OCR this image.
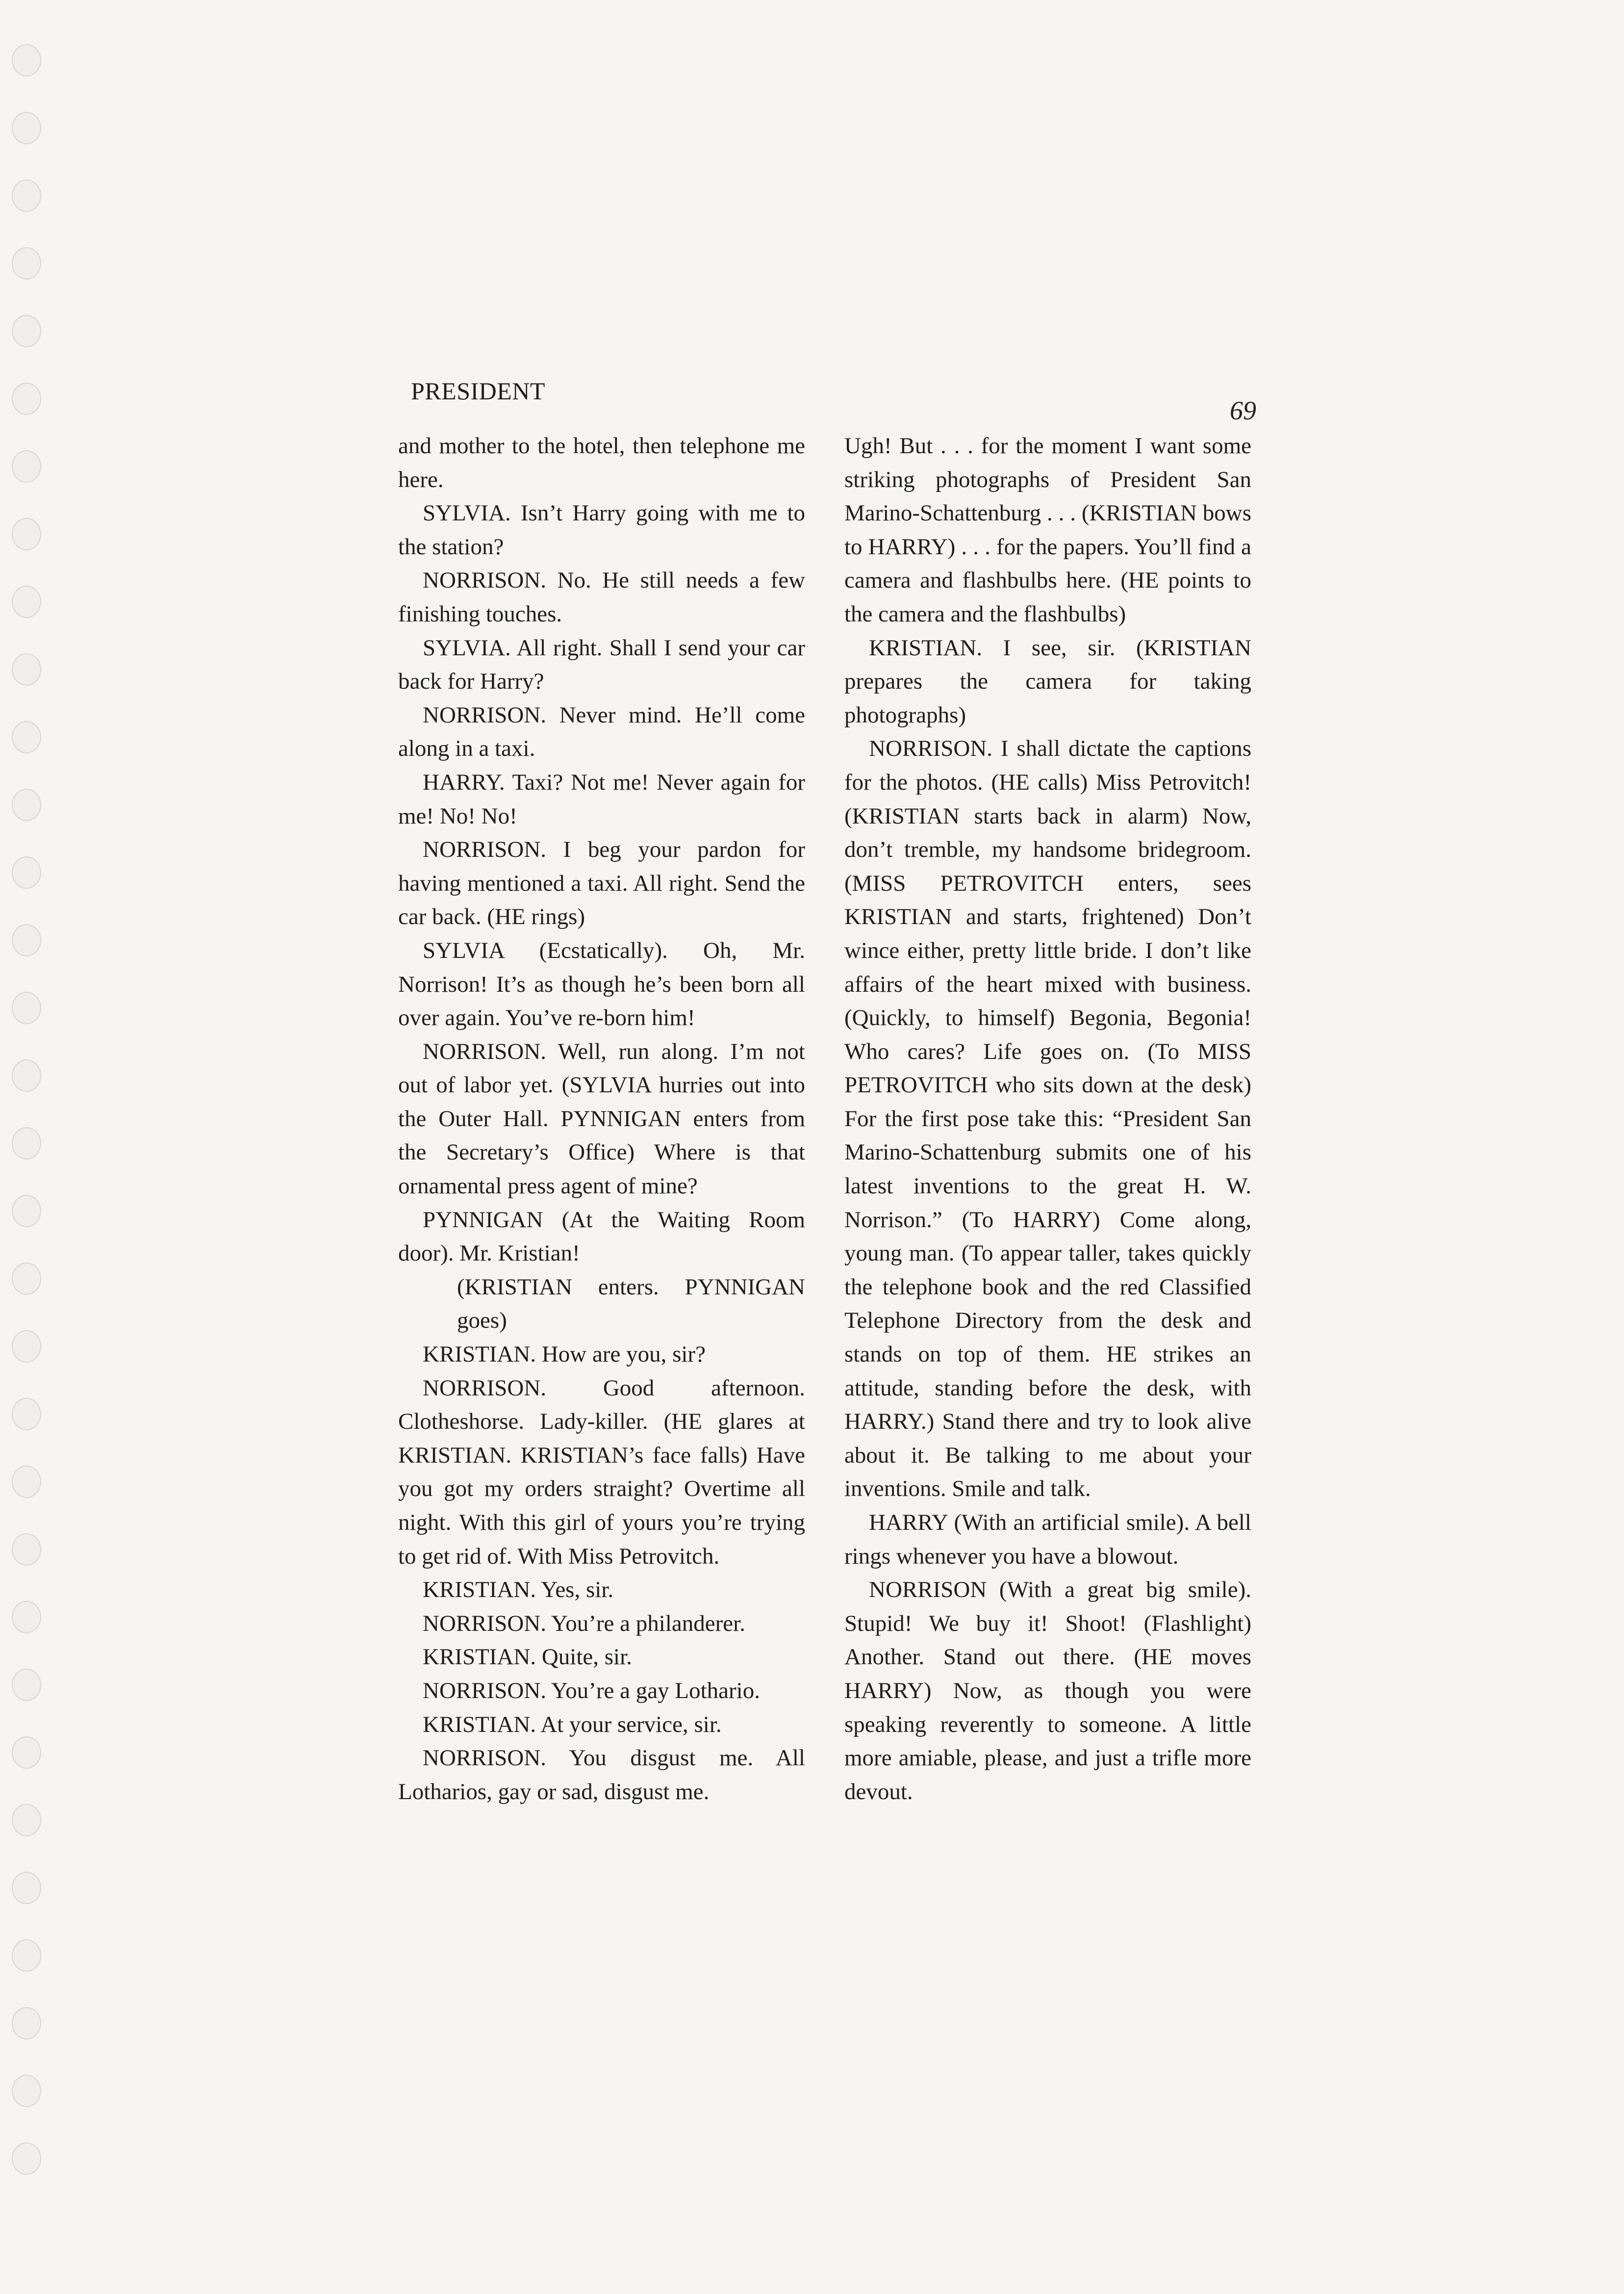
PRESIDENT
69

and mother to the hotel, then telephone me here.

SYLVIA. Isn’t Harry going with me to the station?

NORRISON. No. He still needs a few finishing touches.

SYLVIA. All right. Shall I send your car back for Harry?

NORRISON. Never mind. He’ll come along in a taxi.

HARRY. Taxi? Not me! Never again for me! No! No!

NORRISON. I beg your pardon for having mentioned a taxi. All right. Send the car back. (HE rings)

SYLVIA (Ecstatically). Oh, Mr. Norrison! It’s as though he’s been born all over again. You’ve re-born him!

NORRISON. Well, run along. I’m not out of labor yet. (SYLVIA hurries out into the Outer Hall. PYNNIGAN enters from the Secretary’s Office) Where is that ornamental press agent of mine?

PYNNIGAN (At the Waiting Room door). Mr. Kristian!

(KRISTIAN enters. PYNNIGAN goes)

KRISTIAN. How are you, sir?

NORRISON. Good afternoon. Clotheshorse. Lady-killer. (HE glares at KRISTIAN. KRISTIAN’s face falls) Have you got my orders straight? Overtime all night. With this girl of yours you’re trying to get rid of. With Miss Petrovitch.

KRISTIAN. Yes, sir.

NORRISON. You’re a philanderer.

KRISTIAN. Quite, sir.

NORRISON. You’re a gay Lothario.

KRISTIAN. At your service, sir.

NORRISON. You disgust me. All Lotharios, gay or sad, disgust me.

Ugh! But . . . for the moment I want some striking photographs of President San Marino-Schattenburg . . . (KRISTIAN bows to HARRY) . . . for the papers. You’ll find a camera and flashbulbs here. (HE points to the camera and the flashbulbs)

KRISTIAN. I see, sir. (KRISTIAN prepares the camera for taking photographs)

NORRISON. I shall dictate the captions for the photos. (HE calls) Miss Petrovitch! (KRISTIAN starts back in alarm) Now, don’t tremble, my handsome bridegroom. (MISS PETROVITCH enters, sees KRISTIAN and starts, frightened) Don’t wince either, pretty little bride. I don’t like affairs of the heart mixed with business. (Quickly, to himself) Begonia, Begonia! Who cares? Life goes on. (To MISS PETROVITCH who sits down at the desk) For the first pose take this: “President San Marino-Schattenburg submits one of his latest inventions to the great H. W. Norrison.” (To HARRY) Come along, young man. (To appear taller, takes quickly the telephone book and the red Classified Telephone Directory from the desk and stands on top of them. HE strikes an attitude, standing before the desk, with HARRY.) Stand there and try to look alive about it. Be talking to me about your inventions. Smile and talk.

HARRY (With an artificial smile). A bell rings whenever you have a blowout.

NORRISON (With a great big smile). Stupid! We buy it! Shoot! (Flashlight) Another. Stand out there. (HE moves HARRY) Now, as though you were speaking reverently to someone. A little more amiable, please, and just a trifle more devout.
